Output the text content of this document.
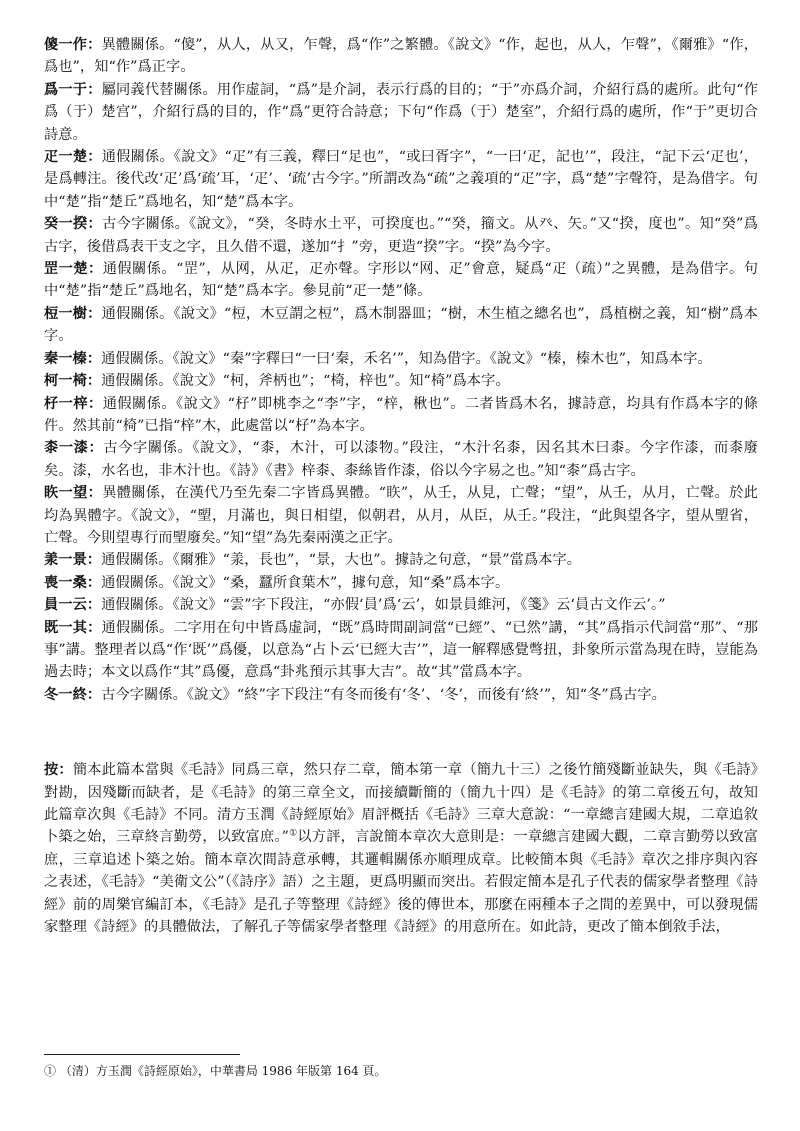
傻一作：異體關係。“傻”，从人，从又，乍聲，爲“作”之繁體。《說文》“作，起也，从人，乍聲”，《爾雅》“作，爲也”，知“作”爲正字。

爲一于：屬同義代替關係。用作虚詞，“爲”是介詞，表示行爲的目的；“于”亦爲介詞，介紹行爲的處所。此句“作爲（于）楚宫”，介紹行爲的目的，作“爲”更符合詩意；下句“作爲（于）楚室”，介紹行爲的處所，作“于”更切合詩意。

疋一楚：通假關係。《說文》“疋”有三義，釋曰“足也”，“或曰胥字”，“一曰‘疋，記也’”，段注，“記下云‘疋也’，是爲轉注。後代改‘疋’爲‘疏’耳，‘疋’、‘疏’古今字。”所謂改為“疏”之義項的“疋”字，爲“楚”字聲符，是為借字。句中“楚”指“楚丘”爲地名，知“楚”爲本字。

癸一揆：古今字關係。《說文》，“癸，冬時水土平，可揆度也。”“癸，籀文。从癶、矢。”又“揆，度也”。知“癸”爲古字，後借爲表干支之字，且久借不還，遂加“扌”旁，更造“揆”字。“揆”為今字。

罡一楚：通假關係。“罡”，从网，从疋，疋亦聲。字形以“网、疋”會意，疑爲“疋（疏）”之異體，是為借字。句中“楚”指“楚丘”爲地名，知“楚”爲本字。參見前“疋一楚”條。

梪一樹：通假關係。《說文》“梪，木豆謂之梪”，爲木制器皿；“樹，木生植之總名也”，爲植樹之義，知“樹”爲本字。

秦一榛：通假關係。《說文》“秦”字釋曰“一曰‘秦，禾名’”，知為借字。《說文》“榛，榛木也”，知爲本字。

柯一椅：通假關係。《說文》“柯，斧柄也”；“椅，梓也”。知“椅”爲本字。

杍一梓：通假關係。《說文》“杍”即桃李之“李”字，“梓，楸也”。二者皆爲木名，據詩意，均具有作爲本字的條件。然其前“椅”已指“梓”木，此處當以“杍”為本字。

桼一漆：古今字關係。《說文》，“桼，木汁，可以漆物。”段注，“木汁名桼，因名其木曰桼。今字作漆，而桼廢矣。漆，水名也，非木汁也。《詩》《書》梓桼、桼絲皆作漆，俗以今字易之也。”知“桼”爲古字。

䀢一望：異體關係，在漢代乃至先秦二字皆爲異體。“䀢”，从壬，从見，亡聲；“望”，从壬，从月，亡聲。於此均為異體字。《說文》，“朢，月滿也，與日相望，似朝君，从月，从臣，从壬。”段注，“此與望各字，望从朢省，亡聲。今則望專行而朢廢矣。”知“望”為先秦兩漢之正字。

羕一景：通假關係。《爾雅》“羕，長也”，“景，大也”。據詩之句意，“景”當爲本字。

喪一桑：通假關係。《說文》“桑，蠶所食葉木”，據句意，知“桑”爲本字。

員一云：通假關係。《說文》“雲”字下段注，“亦假‘員’爲‘云’，如景員維河，《箋》云‘員古文作云’。”

既一其：通假關係。二字用在句中皆爲虚詞，“既”爲時間副詞當“已經”、“已然”講，“其”爲指示代詞當“那”、“那事”講。整理者以爲“作‘既’”爲優，以意為“占卜云‘已經大吉’”，這一解釋感覺彆扭，卦象所示當為現在時，豈能為過去時；本文以爲作“其”爲優，意爲“卦兆預示其事大吉”。故“其”當爲本字。

冬一終：古今字關係。《說文》“終”字下段注“有冬而後有‘冬’、‘冬’，而後有‘終’”，知“冬”爲古字。

按：簡本此篇本當與《毛詩》同爲三章，然只存二章，簡本第一章（簡九十三）之後竹簡殘斷並缺失，與《毛詩》對勘，因殘斷而缺者，是《毛詩》的第三章全文，而接續斷簡的（簡九十四）是《毛詩》的第二章後五句，故知此篇章次與《毛詩》不同。清方玉潤《詩經原始》眉評概括《毛詩》三章大意說：“一章總言建國大規，二章追敘卜築之始，三章終言勤勞，以致富庶。”①以方評，言說簡本章次大意則是：一章總言建國大觀，二章言勤勞以致富庶，三章追述卜築之始。簡本章次間詩意承轉，其邏輯關係亦順理成章。比較簡本與《毛詩》章次之排序與內容之表述，《毛詩》“美衛文公”（《詩序》語）之主題，更爲明顯而突出。若假定簡本是孔子代表的儒家學者整理《詩經》前的周樂官編訂本，《毛詩》是孔子等整理《詩經》後的傳世本，那麽在兩種本子之間的差異中，可以發現儒家整理《詩經》的具體做法，了解孔子等儒家學者整理《詩經》的用意所在。如此詩，更改了簡本倒敘手法，

① （清）方玉潤《詩經原始》，中華書局 1986 年版第 164 頁。
